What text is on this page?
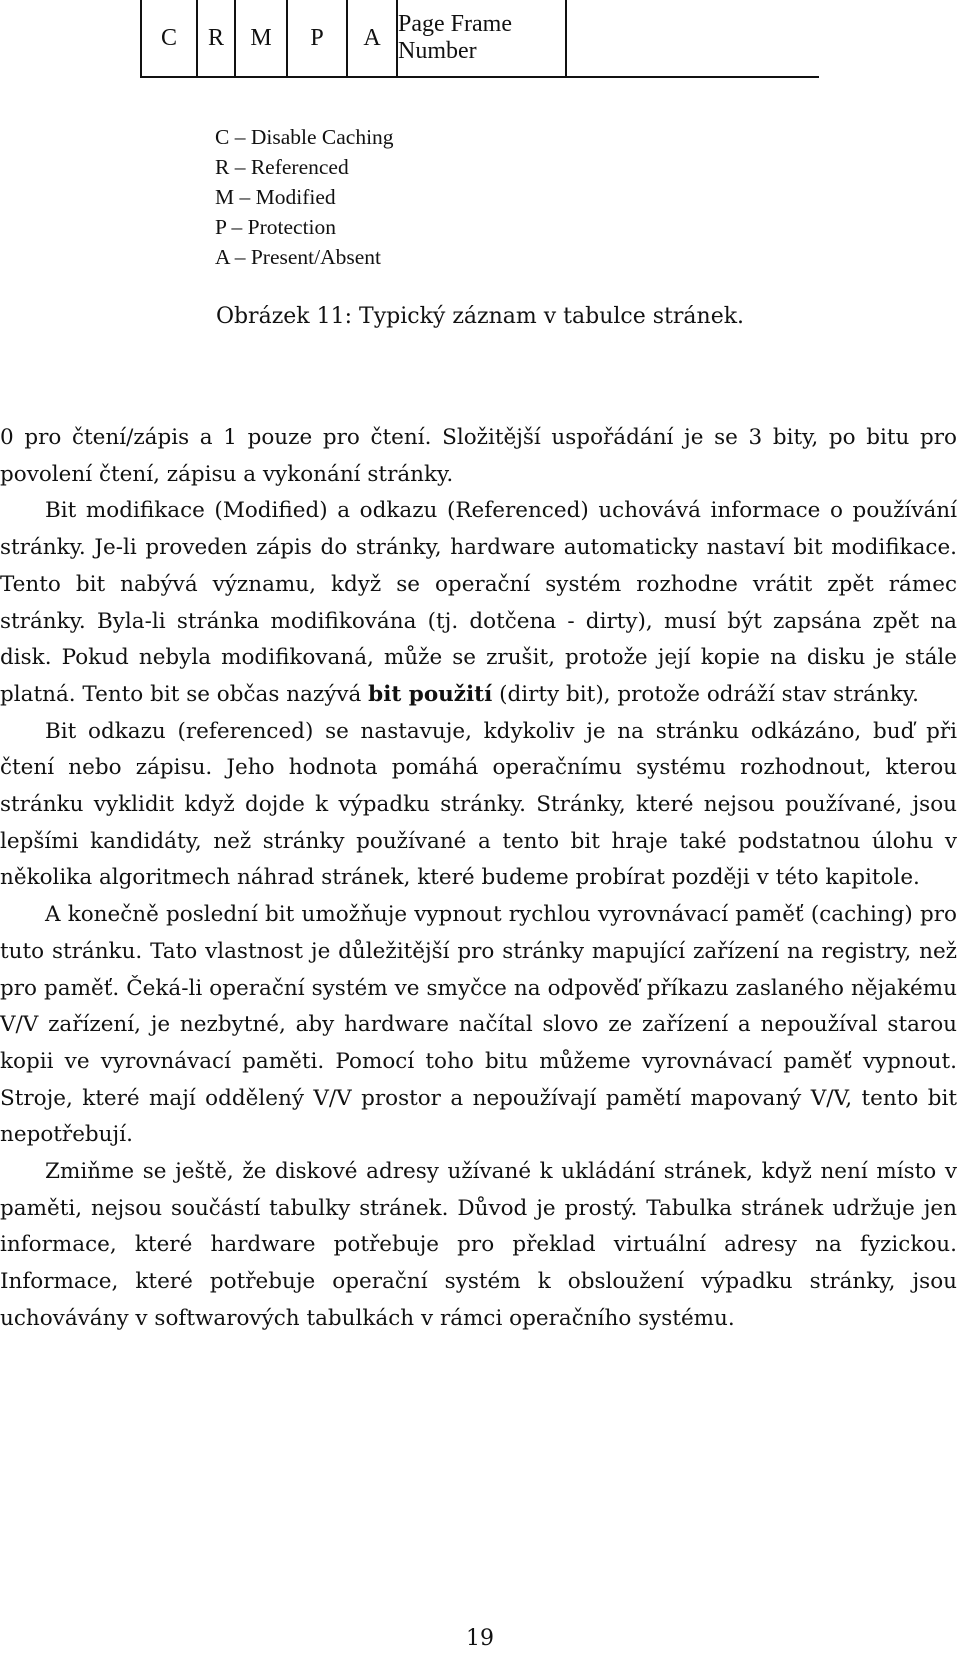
C	R	M	P	A
Page Frame Number
C – Disable Caching
R – Referenced
M – Modified
P – Protection
A – Present/Absent
Obrázek 11: Typický záznam v tabulce stránek.

0 pro čtení/zápis a 1 pouze pro čtení. Složitější uspořádání je se 3 bity, po bitu pro povolení čtení, zápisu a vykonání stránky.

Bit modifikace (Modified) a odkazu (Referenced) uchovává informace o používání stránky. Je-li proveden zápis do stránky, hardware automaticky nastaví bit modifikace. Tento bit nabývá významu, když se operační systém rozhodne vrátit zpět rámec stránky. Byla-li stránka modifikována (tj. dotčena - dirty), musí být zapsána zpět na disk. Pokud nebyla modifikovaná, může se zrušit, protože její kopie na disku je stále platná. Tento bit se občas nazývá bit použití (dirty bit), protože odráží stav stránky.

Bit odkazu (referenced) se nastavuje, kdykoliv je na stránku odkázáno, buď při čtení nebo zápisu. Jeho hodnota pomáhá operačnímu systému rozhodnout, kterou stránku vyklidit když dojde k výpadku stránky. Stránky, které nejsou používané, jsou lepšími kandidáty, než stránky používané a tento bit hraje také podstatnou úlohu v několika algoritmech náhrad stránek, které budeme probírat později v této kapitole.

A konečně poslední bit umožňuje vypnout rychlou vyrovnávací paměť (caching) pro tuto stránku. Tato vlastnost je důležitější pro stránky mapující zařízení na registry, než pro paměť. Čeká-li operační systém ve smyčce na odpověď příkazu zaslaného nějakému V/V zařízení, je nezbytné, aby hardware načítal slovo ze zařízení a nepoužíval starou kopii ve vyrovnávací paměti. Pomocí toho bitu můžeme vyrovnávací paměť vypnout. Stroje, které mají oddělený V/V prostor a nepoužívají pamětí mapovaný V/V, tento bit nepotřebují.

Zmiňme se ještě, že diskové adresy užívané k ukládání stránek, když není místo v paměti, nejsou součástí tabulky stránek. Důvod je prostý. Tabulka stránek udržuje jen informace, které hardware potřebuje pro překlad virtuální adresy na fyzickou. Informace, které potřebuje operační systém k obsloužení výpadku stránky, jsou uchovávány v softwarových tabulkách v rámci operačního systému.

19
